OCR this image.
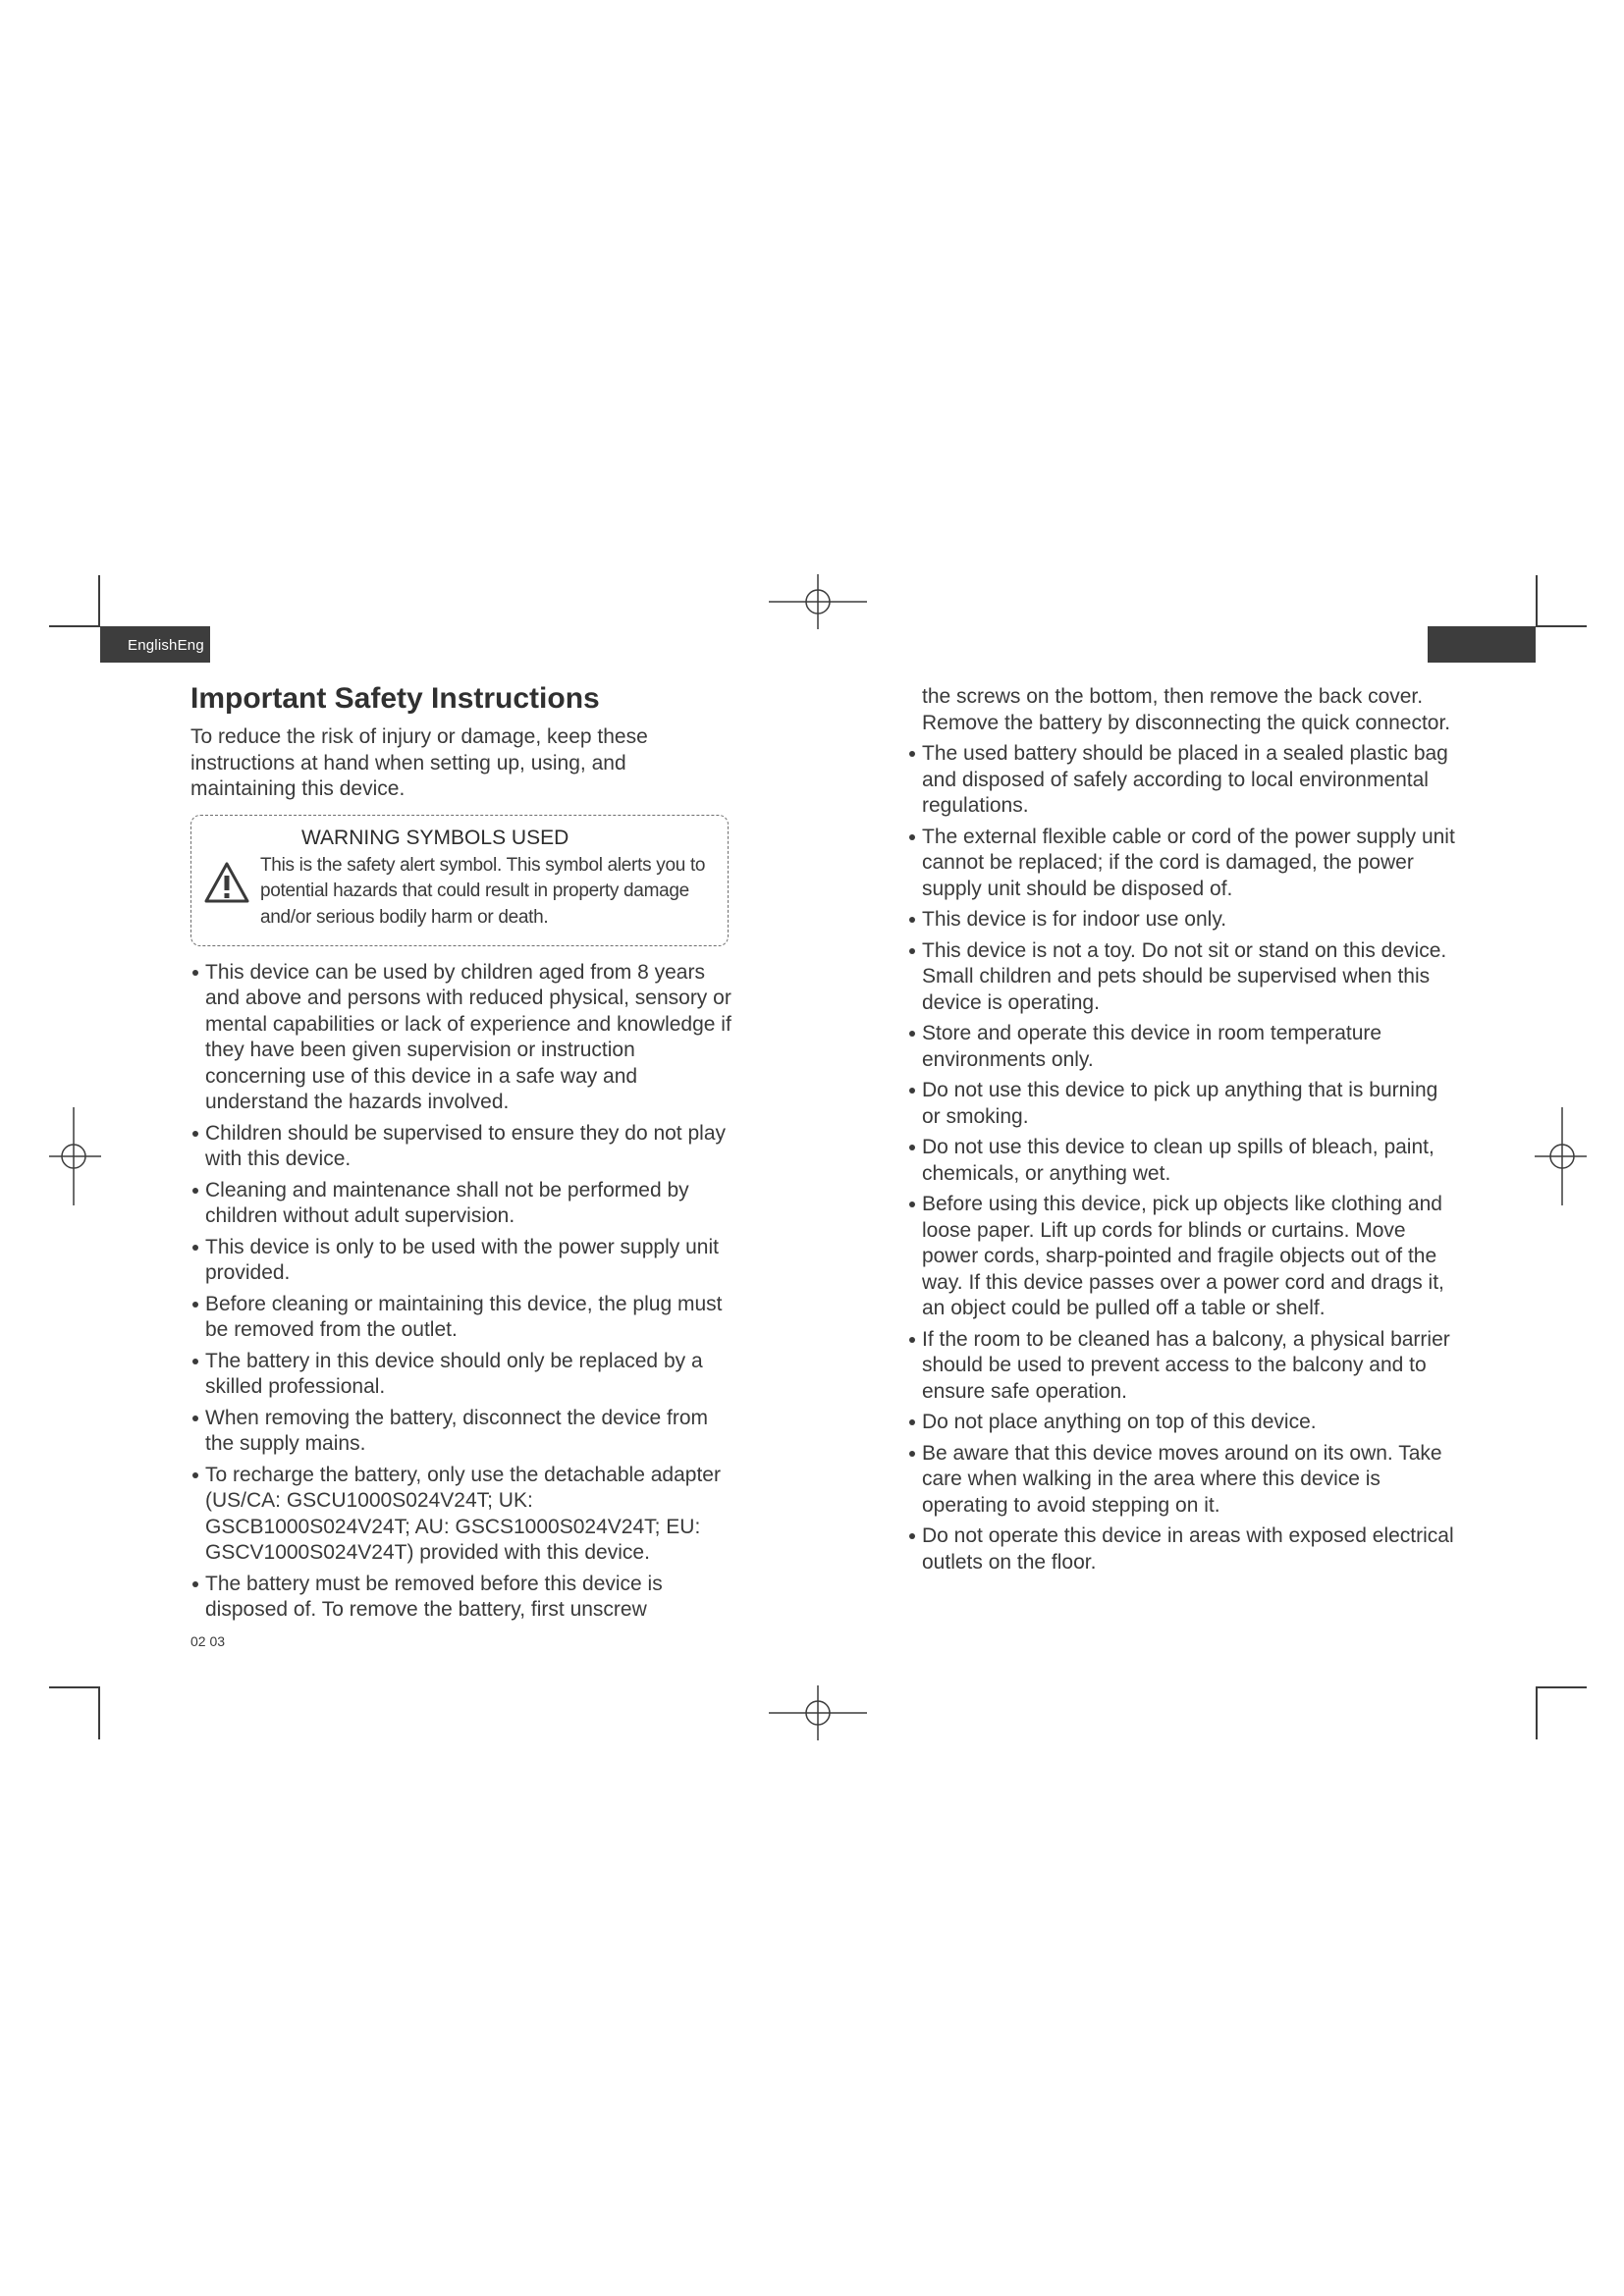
EnglishEng
Important Safety Instructions

To reduce the risk of injury or damage, keep these instructions at hand when setting up, using, and maintaining this device.

WARNING SYMBOLS USED
This is the safety alert symbol. This symbol alerts you to potential hazards that could result in property damage and/or serious bodily harm or death.
This device can be used by children aged from 8 years and above and persons with reduced physical, sensory or mental capabilities or lack of experience and knowledge if they have been given supervision or instruction concerning use of this device in a safe way and understand the hazards involved.
Children should be supervised to ensure they do not play with this device.
Cleaning and maintenance shall not be performed by children without adult supervision.
This device is only to be used with the power supply unit provided.
Before cleaning or maintaining this device, the plug must be removed from the outlet.
The battery in this device should only be replaced by a skilled professional.
When removing the battery, disconnect the device from the supply mains.
To recharge the battery, only use the detachable adapter (US/CA: GSCU1000S024V24T; UK: GSCB1000S024V24T; AU: GSCS1000S024V24T; EU: GSCV1000S024V24T) provided with this device.
The battery must be removed before this device is disposed of. To remove the battery, first unscrew
02 03

the screws on the bottom, then remove the back cover. Remove the battery by disconnecting the quick connector.

The used battery should be placed in a sealed plastic bag and disposed of safely according to local environmental regulations.
The external flexible cable or cord of the power supply unit cannot be replaced; if the cord is damaged, the power supply unit should be disposed of.
This device is for indoor use only.
This device is not a toy. Do not sit or stand on this device. Small children and pets should be supervised when this device is operating.
Store and operate this device in room temperature environments only.
Do not use this device to pick up anything that is burning or smoking.
Do not use this device to clean up spills of bleach, paint, chemicals, or anything wet.
Before using this device, pick up objects like clothing and loose paper. Lift up cords for blinds or curtains. Move power cords, sharp-pointed and fragile objects out of the way. If this device passes over a power cord and drags it, an object could be pulled off a table or shelf.
If the room to be cleaned has a balcony, a physical barrier should be used to prevent access to the balcony and to ensure safe operation.
Do not place anything on top of this device.
Be aware that this device moves around on its own. Take care when walking in the area where this device is operating to avoid stepping on it.
Do not operate this device in areas with exposed electrical outlets on the floor.
